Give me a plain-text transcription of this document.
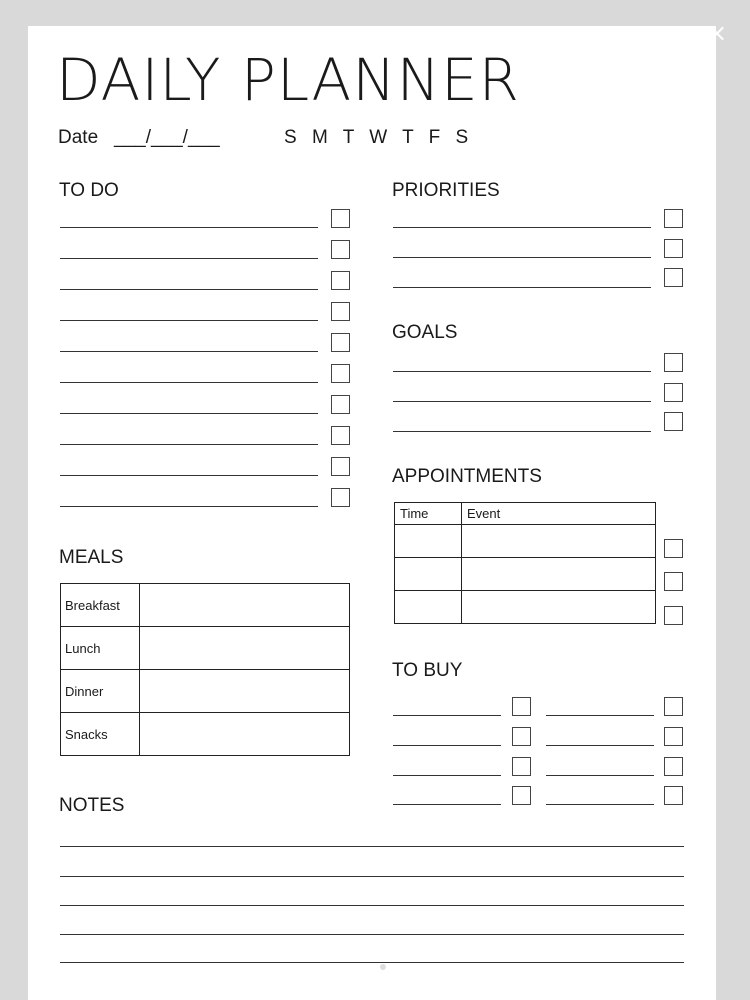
DAILY PLANNER
Date ___/___/___	S M T W T F S
TO DO	PRIORITIES
GOALS
APPOINTMENTS
Time	Event

MEALS
Breakfast	
Lunch	
Dinner	
Snacks	
TO BUY
NOTES
×
